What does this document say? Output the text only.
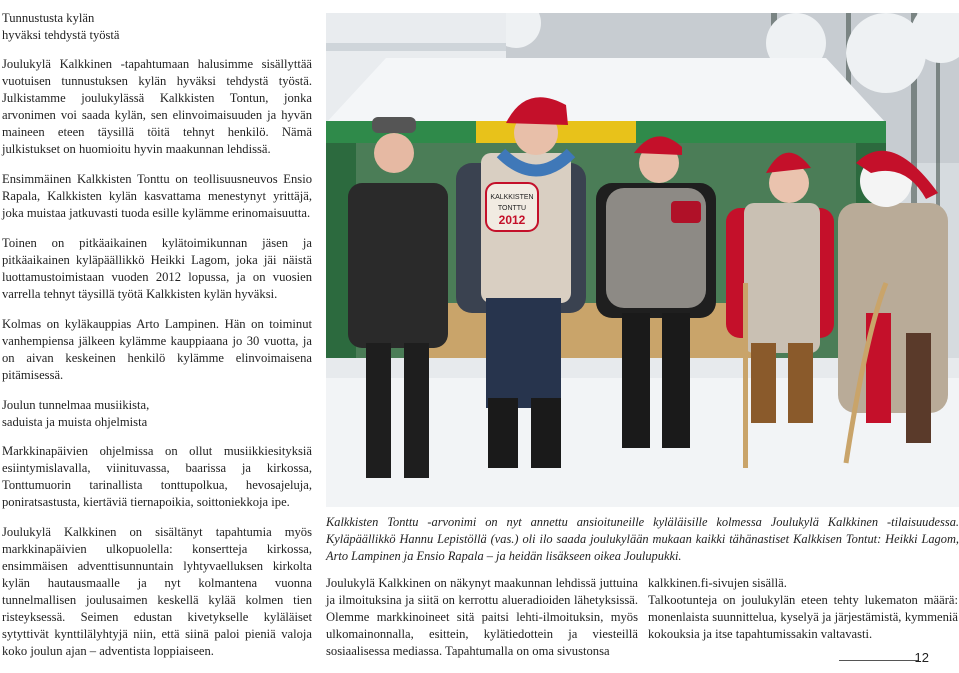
Tunnustusta kylän
hyväksi tehdystä työstä

Joulukylä Kalkkinen -tapahtumaan halusimme sisällyttää vuotuisen tunnustuksen kylän hyväksi tehdystä työstä. Julkistamme joulukylässä Kalkkisten Tontun, jonka arvonimen voi saada kylän, sen elinvoimaisuuden ja hyvän maineen eteen täysillä töitä tehnyt henkilö. Nämä julkistukset on huomioitu hyvin maakunnan lehdissä.

Ensimmäinen Kalkkisten Tonttu on teollisuusneuvos Ensio Rapala, Kalkkisten kylän kasvattama menestynyt yrittäjä, joka muistaa jatkuvasti tuoda esille kylämme erinomaisuutta.

Toinen on pitkäaikainen kylätoimikunnan jäsen ja pitkäaikainen kyläpäällikkö Heikki Lagom, joka jäi näistä luottamustoimistaan vuoden 2012 lopussa, ja on vuosien varrella tehnyt täysillä työtä Kalkkisten kylän hyväksi.

Kolmas on kyläkauppias Arto Lampinen. Hän on toiminut vanhempiensa jälkeen kylämme kauppiaana jo 30 vuotta, ja on aivan keskeinen henkilö kylämme elinvoimaisena pitämisessä.

Joulun tunnelmaa musiikista,
saduista ja muista ohjelmista

Markkinapäivien ohjelmissa on ollut musiikkiesityksiä esiintymislavalla, viinituvassa, baarissa ja kirkossa, Tonttumuorin tarinallista tonttupolkua, hevosajeluja, poniratsastusta, kiertäviä tiernapoikia, soittoniekkoja ipe.

Joulukylä Kalkkinen on sisältänyt tapahtumia myös markkinapäivien ulkopuolella: konsertteja kirkossa, ensimmäisen adventtisunnuntain lyhtyvaelluksen kirkolta kylän hautausmaalle ja nyt kolmantena vuonna tunnelmallisen joulusaimen keskellä kylää kolmen tien risteyksessä. Seimen edustan kivetykselle kyläläiset sytyttivät kynttilälyhtyjä niin, että siinä paloi pieniä valoja koko joulun ajan – adventista loppiaiseen.

KALKKISTEN
TONTTU
2012
Kalkkisten Tonttu -arvonimi on nyt annettu ansioituneille kyläläisille kolmessa Joulukylä Kalkkinen -tilaisuudessa. Kyläpäällikkö Hannu Lepistöllä (vas.) oli ilo saada joulukylään mukaan kaikki tähänastiset Kalkkisen Tontut: Heikki Lagom, Arto Lampinen ja Ensio Rapala – ja heidän lisäkseen oikea Joulupukki.

Joulukylä Kalkkinen on näkynyt maakunnan lehdissä juttuina ja ilmoituksina ja siitä on kerrottu alueradioiden lähetyksissä. Olemme markkinoineet sitä paitsi lehti-ilmoituksin, myös ulkomainonnalla, esittein, kylätiedottein ja viesteillä sosiaalisessa mediassa. Tapahtumalla on oma sivustonsa

kalkkinen.fi-sivujen sisällä.

Talkootunteja on joulukylän eteen tehty lukematon määrä: monenlaista suunnittelua, kyselyä ja järjestämistä, kymmeniä kokouksia ja itse tapahtumissakin valtavasti.

12
